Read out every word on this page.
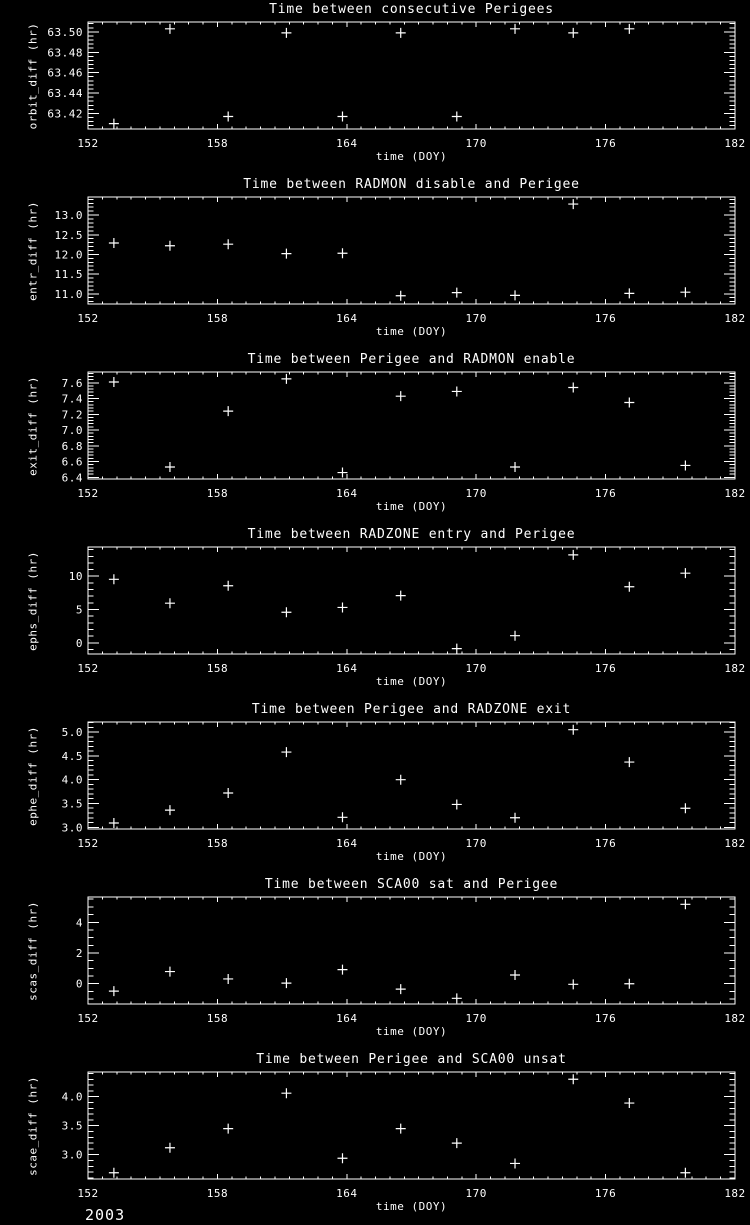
Time between consecutive Perigees
orbit_diff (hr)
152	158	164	170	176	182
63.42
63.44
63.46
63.48
63.50
time (DOY)
Time between RADMON disable and Perigee
entr_diff (hr)
152	158	164	170	176	182
11.0
11.5
12.0
12.5
13.0
time (DOY)
Time between Perigee and RADMON enable
exit_diff (hr)
152	158	164	170	176	182
6.4
6.6
6.8
7.0
7.2
7.4
7.6
time (DOY)
Time between RADZONE entry and Perigee
ephs_diff (hr)
152	158	164	170	176	182
0
5
10
time (DOY)
Time between Perigee and RADZONE exit
ephe_diff (hr)
152	158	164	170	176	182
3.0
3.5
4.0
4.5
5.0
time (DOY)
Time between SCA00 sat and Perigee
scas_diff (hr)
152	158	164	170	176	182
0
2
4
time (DOY)
Time between Perigee and SCA00 unsat
scae_diff (hr)
152	158	164	170	176	182
3.0
3.5
4.0
time (DOY)
2003
